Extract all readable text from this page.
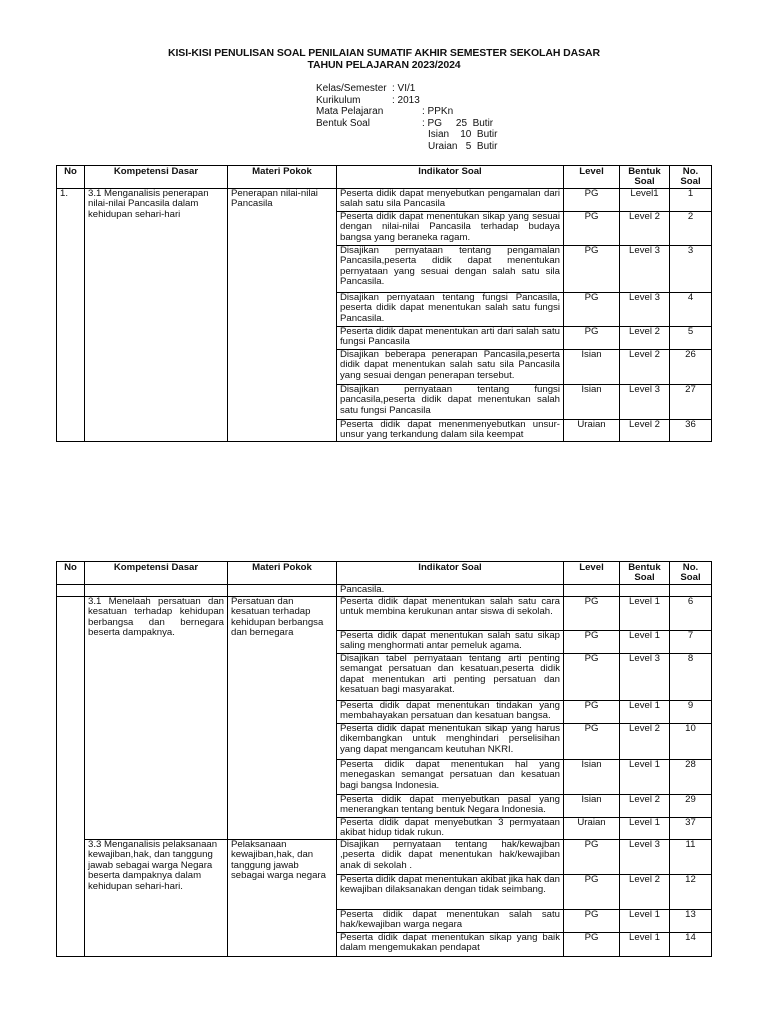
KISI-KISI PENULISAN SOAL PENILAIAN SUMATIF AKHIR SEMESTER SEKOLAH DASAR
TAHUN PELAJARAN 2023/2024
Kelas/Semester : VI/1
Kurikulum	: 2013
Mata Pelajaran	: PPKn
Bentuk Soal	: PG     25  Butir
Isian    10  Butir
Uraian   5  Butir
No	Kompetensi Dasar	Materi Pokok	Indikator Soal	Level	Bentuk Soal	No. Soal
1.	3.1 Menganalisis penerapan nilai-nilai Pancasila dalam kehidupan sehari-hari	Penerapan nilai-nilai Pancasila	Peserta didik dapat menyebutkan pengamalan dari salah satu sila Pancasila	PG	Level1	1
			Peserta didik dapat menentukan sikap yang sesuai dengan nilai-nilai Pancasila terhadap budaya bangsa yang beraneka ragam.	PG	Level 2	2
			Disajikan pernyataan tentang pengamalan Pancasila,peserta didik dapat menentukan pernyataan yang sesuai dengan salah satu sila Pancasila.	PG	Level 3	3
			Disajikan pernyataan tentang fungsi Pancasila, peserta didik dapat menentukan salah satu fungsi Pancasila.	PG	Level 3	4
			Peserta didik dapat menentukan arti dari salah satu fungsi Pancasila	PG	Level 2	5
			Disajikan beberapa penerapan Pancasila,peserta didik dapat menentukan salah satu sila Pancasila yang sesuai dengan penerapan tersebut.	Isian	Level 2	26
			Disajikan pernyataan tentang fungsi pancasila,peserta didik dapat menentukan salah satu fungsi Pancasila	Isian	Level 3	27

			Peserta didik dapat menenmenyebutkan unsur-unsur yang terkandung dalam sila keempat	Uraian	Level 2	36
No	Kompetensi Dasar	Materi Pokok	Indikator Soal	Level	Bentuk Soal	No. Soal
			Pancasila.			
	3.1 Menelaah persatuan dan kesatuan terhadap kehidupan berbangsa dan bernegara beserta dampaknya.	Persatuan dan kesatuan terhadap kehidupan berbangsa dan bernegara	Peserta didik dapat menentukan salah satu cara untuk membina kerukunan antar siswa di sekolah.	PG	Level 1	6
			Peserta didik dapat menentukan salah satu sikap saling menghormati antar pemeluk agama.	PG	Level 1	7
			Disajikan tabel pernyataan tentang arti penting semangat persatuan dan kesatuan,peserta didik dapat menentukan arti penting persatuan dan kesatuan bagi masyarakat.	PG	Level 3	8
			Peserta didik dapat menentukan tindakan yang membahayakan persatuan dan kesatuan bangsa.	PG	Level 1	9
			Peserta didik dapat menentukan sikap yang harus dikembangkan untuk menghindari perselisihan yang dapat mengancam keutuhan NKRI.	PG	Level 2	10
			Peserta didik dapat menentukan hal yang menegaskan semangat persatuan dan kesatuan bagi bangsa Indonesia.	Isian	Level 1	28
			Peserta didik dapat menyebutkan pasal yang menerangkan tentang bentuk Negara Indonesia.	Isian	Level 2	29
			Peserta didik dapat menyebutkan 3 permyataan akibat hidup tidak rukun.	Uraian	Level 1	37
	3.3 Menganalisis pelaksanaan kewajiban,hak, dan tanggung jawab sebagai warga Negara beserta dampaknya dalam kehidupan sehari-hari.	Pelaksanaan kewajiban,hak, dan tanggung jawab sebagai warga negara	Disajikan pernyataan tentang hak/kewajban ,peserta didik dapat menentukan hak/kewajiban anak di sekolah .	PG	Level 3	11
			Peserta didik dapat menentukan akibat jika hak dan kewajiban dilaksanakan dengan tidak seimbang.	PG	Level 2	12
			Peserta didik dapat menentukan salah satu hak/kewajiban warga negara	PG	Level 1	13
			Peserta didik dapat menentukan sikap yang baik dalam mengemukakan pendapat	PG	Level 1	14
